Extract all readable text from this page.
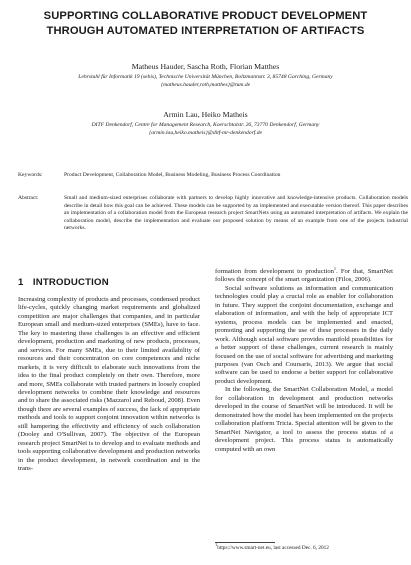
SUPPORTING COLLABORATIVE PRODUCT DEVELOPMENT
THROUGH AUTOMATED INTERPRETATION OF ARTIFACTS
Matheus Hauder, Sascha Roth, Florian Matthes
Lehrstuhl für Informatik 19 (sebis), Technische Universität München, Boltzmannstr. 3, 85748 Garching, Germany
{matheus.hauder,roth,matthes}@tum.de
Armin Lau, Heiko Matheis
DITF Denkendorf, Centre for Management Research, Koerschtalstr. 26, 73770 Denkendorf, Germany
{armin.lau,heiko.matheis}@ditf-mr-denkendorf.de
Keywords:	Product Development, Collaboration Model, Business Modeling, Business Process Coordination
Abstract:	Small and medium-sized enterprises collaborate with partners to develop highly innovative and knowledge-intensive products. Collaboration models describe in detail how this goal can be achieved. These models can be supported by an implemented and executable version thereof. This paper describes an implementation of a collaboration model from the European research project SmartNets using an automated interpretation of artifacts. We explain the collaboration model, describe the implementation and evaluate our proposed solution by means of an example from one of the projects industrial networks.
1 INTRODUCTION

Increasing complexity of products and processes, condensed product life-cycles, quickly changing market requirements and globalized competition are major challenges that companies, and in particular European small and medium-sized enterprises (SMEs), have to face. The key to mastering these challenges is an effective and efficient development, production and marketing of new products, processes, and services. For many SMEs, due to their limited availability of resources and their concentration on core competences and niche markets, it is very difficult to elaborate such innovations from the idea to the final product completely on their own. Therefore, more and more, SMEs collaborate with trusted partners in loosely coupled development networks to combine their knowledge and resources and to share the associated risks (Mazzarol and Reboud, 2008). Even though there are several examples of success, the lack of appropriate methods and tools to support conjoint innovation within networks is still hampering the effectivity and efficiency of such collaboration (Dooley and O'Sullivan, 2007). The objective of the European research project SmartNet is to develop and to evaluate methods and tools supporting collaborative development and production networks in the product development, in network coordination and in the trans-

formation from development to production$^1$. For that, SmartNet follows the concept of the smart organization (Filos, 2006).

Social software solutions as information and communication technologies could play a crucial role as enabler for collaboration in future. They support the conjoint documentation, exchange and elaboration of information, and with the help of appropriate ICT systems, process models can be implemented and enacted, promoting and supporting the use of these processes in the daily work. Although social software provides manifold possibilities for a better support of these challenges, current research is mainly focused on the use of social software for advertising and marketing purposes (van Osch and Coursaris, 2013). We argue that social software can be used to endorse a better support for collaborative product development.

In the following, the SmartNet Collaboration Model, a model for collaboration in development and production networks developed in the course of SmartNet will be introduced. It will be demonstrated how the model has been implemented on the projects collaboration platform Tricia. Special attention will be given to the SmartNet Navigator, a tool to assess the process status of a development project. This process status is automatically computed with an own

$^1$https://www.smart-net.eu, last accessed Dec. 6, 2012
